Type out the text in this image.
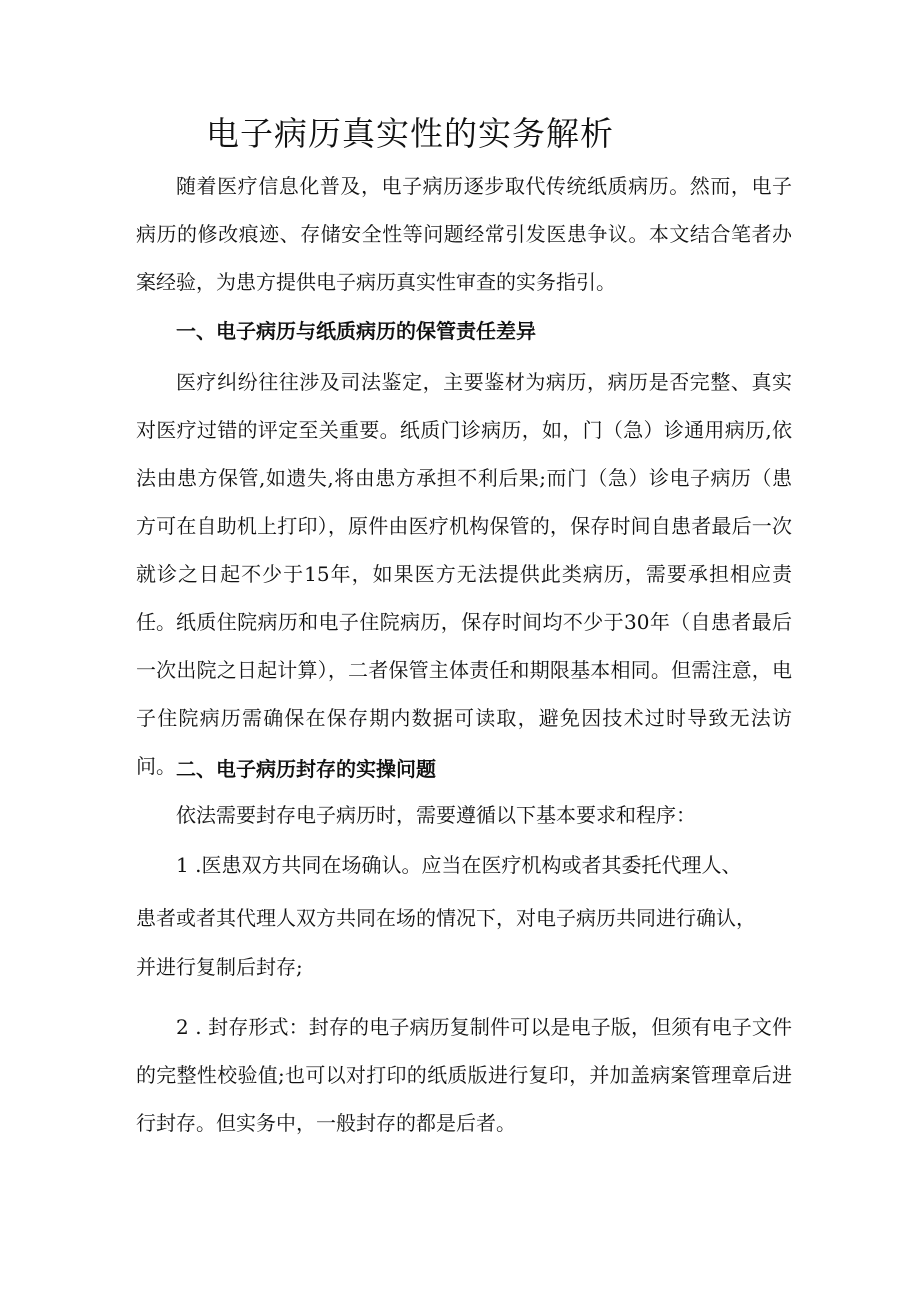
电子病历真实性的实务解析
随着医疗信息化普及，电子病历逐步取代传统纸质病历。然而，电子病历的修改痕迹、存储安全性等问题经常引发医患争议。本文结合笔者办案经验，为患方提供电子病历真实性审查的实务指引。
一、电子病历与纸质病历的保管责任差异
医疗纠纷往往涉及司法鉴定，主要鉴材为病历，病历是否完整、真实对医疗过错的评定至关重要。纸质门诊病历，如，门（急）诊通用病历,依法由患方保管,如遗失,将由患方承担不利后果;而门（急）诊电子病历（患方可在自助机上打印），原件由医疗机构保管的，保存时间自患者最后一次就诊之日起不少于15年，如果医方无法提供此类病历，需要承担相应责任。 纸质住院病历和电子住院病历，保存时间均不少于30年（自患者最后一次出院之日起计算），二者保管主体责任和期限基本相同。但需注意，电子住院病历需确保在保存期内数据可读取，避免因技术过时导致无法访问。 二、电子病历封存的实操问题
依法需要封存电子病历时，需要遵循以下基本要求和程序：
1 .医患双方共同在场确认。应当在医疗机构或者其委托代理人、
患者或者其代理人双方共同在场的情况下，对电子病历共同进行确认，
并进行复制后封存;
2 . 封存形式：封存的电子病历复制件可以是电子版，但须有电子文件的完整性校验值;也可以对打印的纸质版进行复印，并加盖病案管理章后进行封存。但实务中，一般封存的都是后者。
